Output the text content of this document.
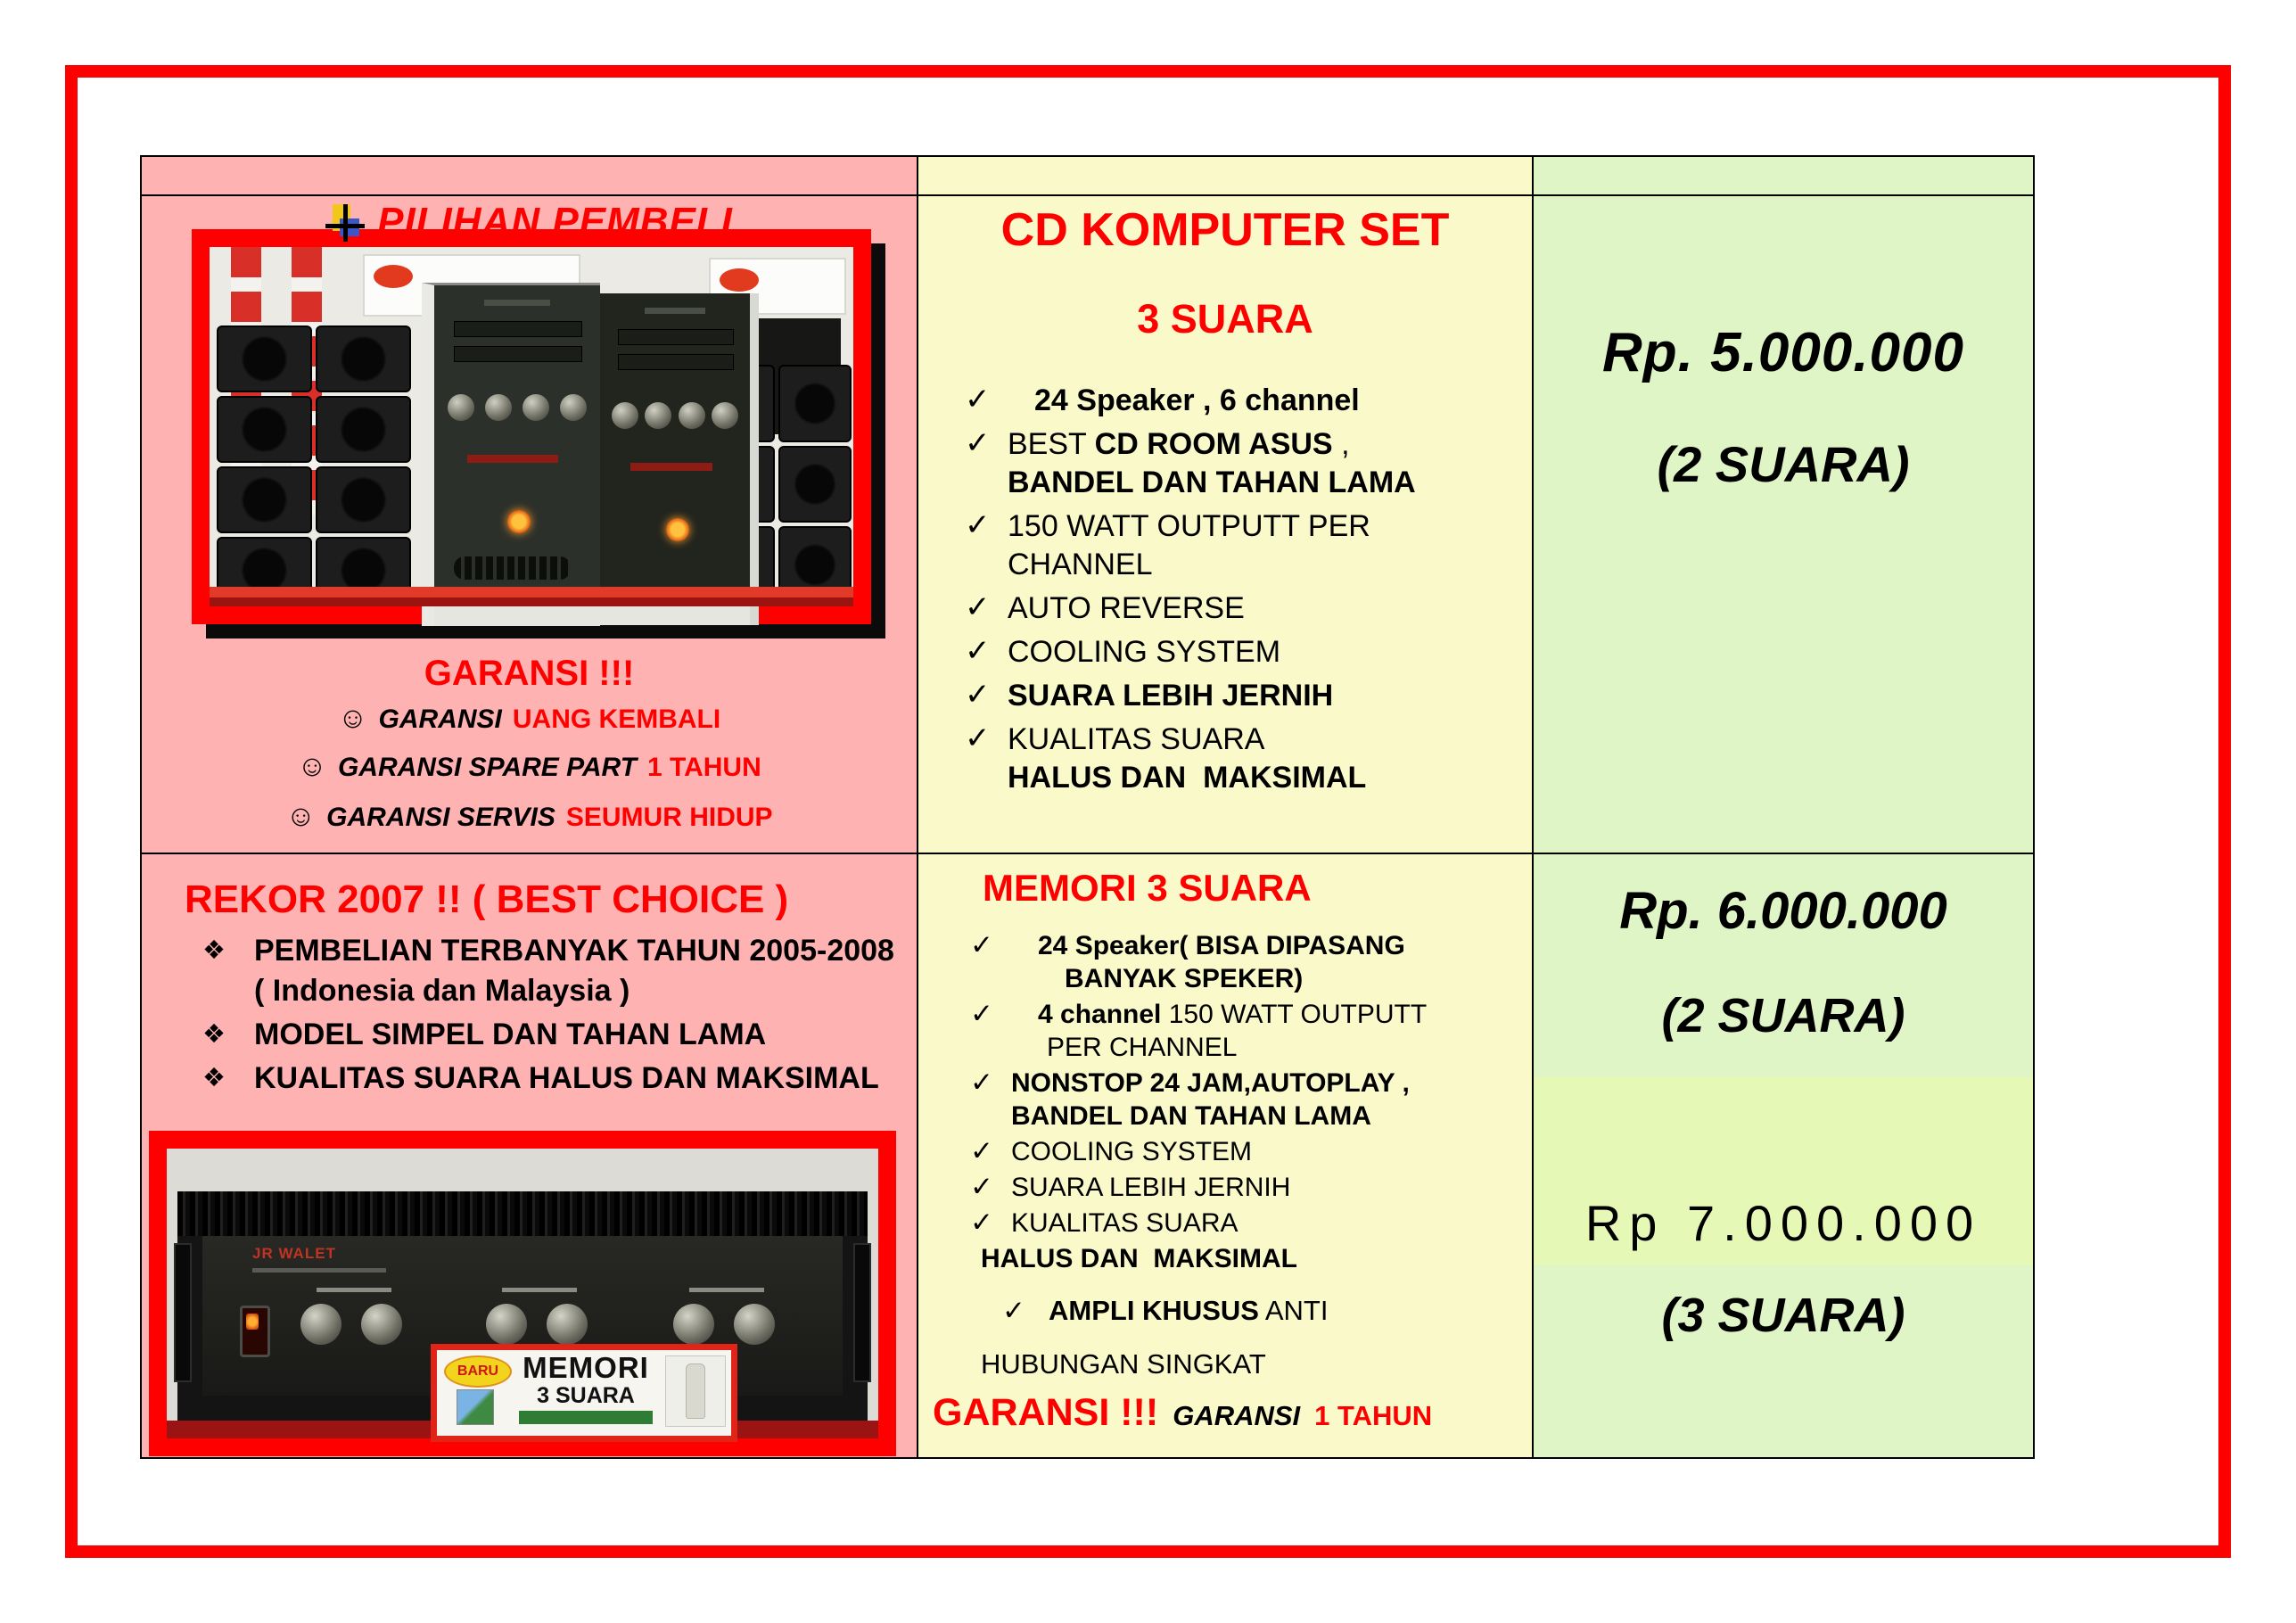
PILIHAN PEMBELI
GARANSI !!!
☺ GARANSI UANG KEMBALI
☺ GARANSI SPARE PART 1 TAHUN
☺ GARANSI SERVIS SEUMUR HIDUP
CD KOMPUTER SET
3 SUARA
✓	24 Speaker , 6 channel
✓ BEST CD ROOM ASUS ,
BANDEL DAN TAHAN LAMA
✓ 150 WATT OUTPUTT PER
CHANNEL
✓ AUTO REVERSE
✓ COOLING SYSTEM
✓ SUARA LEBIH JERNIH
✓ KUALITAS SUARA
HALUS DAN  MAKSIMAL
Rp. 5.000.000
(2 SUARA)
REKOR 2007 !! ( BEST CHOICE )
❖ PEMBELIAN TERBANYAK TAHUN 2005-2008
( Indonesia dan Malaysia )
❖ MODEL SIMPEL DAN TAHAN LAMA
❖ KUALITAS SUARA HALUS DAN MAKSIMAL
JR WALET
BARU MEMORI
3 SUARA
MEMORI 3 SUARA
✓	24 Speaker( BISA DIPASANG
BANYAK SPEKER)
✓	4 channel 150 WATT OUTPUTT
PER CHANNEL
✓ NONSTOP 24 JAM,AUTOPLAY ,
BANDEL DAN TAHAN LAMA
✓ COOLING SYSTEM
✓ SUARA LEBIH JERNIH
✓ KUALITAS SUARA
HALUS DAN  MAKSIMAL
✓ AMPLI KHUSUS ANTI
HUBUNGAN SINGKAT
GARANSI !!! GARANSI 1 TAHUN
Rp. 6.000.000
(2 SUARA)
Rp 7.000.000
(3 SUARA)
